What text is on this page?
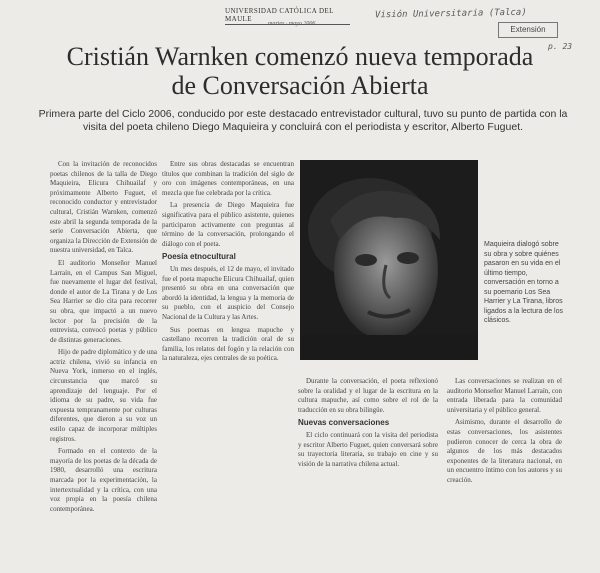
UNIVERSIDAD CATÓLICA DEL MAULE
martes · mayo 2006
Visión Universitaria (Talca)
Extensión
p. 23
Cristián Warnken comenzó nueva temporada de Conversación Abierta

Primera parte del Ciclo 2006, conducido por este destacado entrevistador cultural, tuvo su punto de partida con la visita del poeta chileno Diego Maquieira y concluirá con el periodista y escritor, Alberto Fuguet.

Con la invitación de reconocidos poetas chilenos de la talla de Diego Maquieira, Elicura Chihuailaf y próximamente Alberto Fuguet, el reconocido conductor y entrevistador cultural, Cristián Warnken, comenzó este abril la segunda temporada de la serie Conversación Abierta, que organiza la Dirección de Extensión de nuestra universidad, en Talca.

El auditorio Monseñor Manuel Larraín, en el Campus San Miguel, fue nuevamente el lugar del festival, donde el autor de La Tirana y de Los Sea Harrier se dio cita para recorrer su obra, que impactó a un nuevo lector por la precisión de la entrevista, convocó poetas y público de distintas generaciones.

Hijo de padre diplomático y de una actriz chilena, vivió su infancia en Nueva York, inmerso en el inglés, circunstancia que marcó su aprendizaje del lenguaje. Por el idioma de su padre, su vida fue expuesta tempranamente por culturas diferentes, que dieron a su voz un estilo capaz de incorporar múltiples registros.

Formado en el contexto de la mayoría de los poetas de la década de 1980, desarrolló una escritura marcada por la experimentación, la intertextualidad y la crítica, con una voz propia en la poesía chilena contemporánea.

Entre sus obras destacadas se encuentran títulos que combinan la tradición del siglo de oro con imágenes contemporáneas, en una mezcla que fue celebrada por la crítica.

La presencia de Diego Maquieira fue significativa para el público asistente, quienes participaron activamente con preguntas al término de la conversación, prolongando el diálogo con el poeta.

Poesía etnocultural

Un mes después, el 12 de mayo, el invitado fue el poeta mapuche Elicura Chihuailaf, quien presentó su obra en una conversación que abordó la identidad, la lengua y la memoria de su pueblo, con el auspicio del Consejo Nacional de la Cultura y las Artes.

Sus poemas en lengua mapuche y castellano recorren la tradición oral de su familia, los relatos del fogón y la relación con la naturaleza, ejes centrales de su poética.

Maquieira dialogó sobre su obra y sobre quiénes pasaron en su vida en el último tiempo, conversación en torno a su poemario Los Sea Harrier y La Tirana, libros ligados a la lectura de los clásicos.

Durante la conversación, el poeta reflexionó sobre la oralidad y el lugar de la escritura en la cultura mapuche, así como sobre el rol de la traducción en su obra bilingüe.

Nuevas conversaciones

El ciclo continuará con la visita del periodista y escritor Alberto Fuguet, quien conversará sobre su trayectoria literaria, su trabajo en cine y su visión de la narrativa chilena actual.

Las conversaciones se realizan en el auditorio Monseñor Manuel Larraín, con entrada liberada para la comunidad universitaria y el público general.

Asimismo, durante el desarrollo de estas conversaciones, los asistentes pudieron conocer de cerca la obra de algunos de los más destacados exponentes de la literatura nacional, en un encuentro íntimo con los autores y su creación.
